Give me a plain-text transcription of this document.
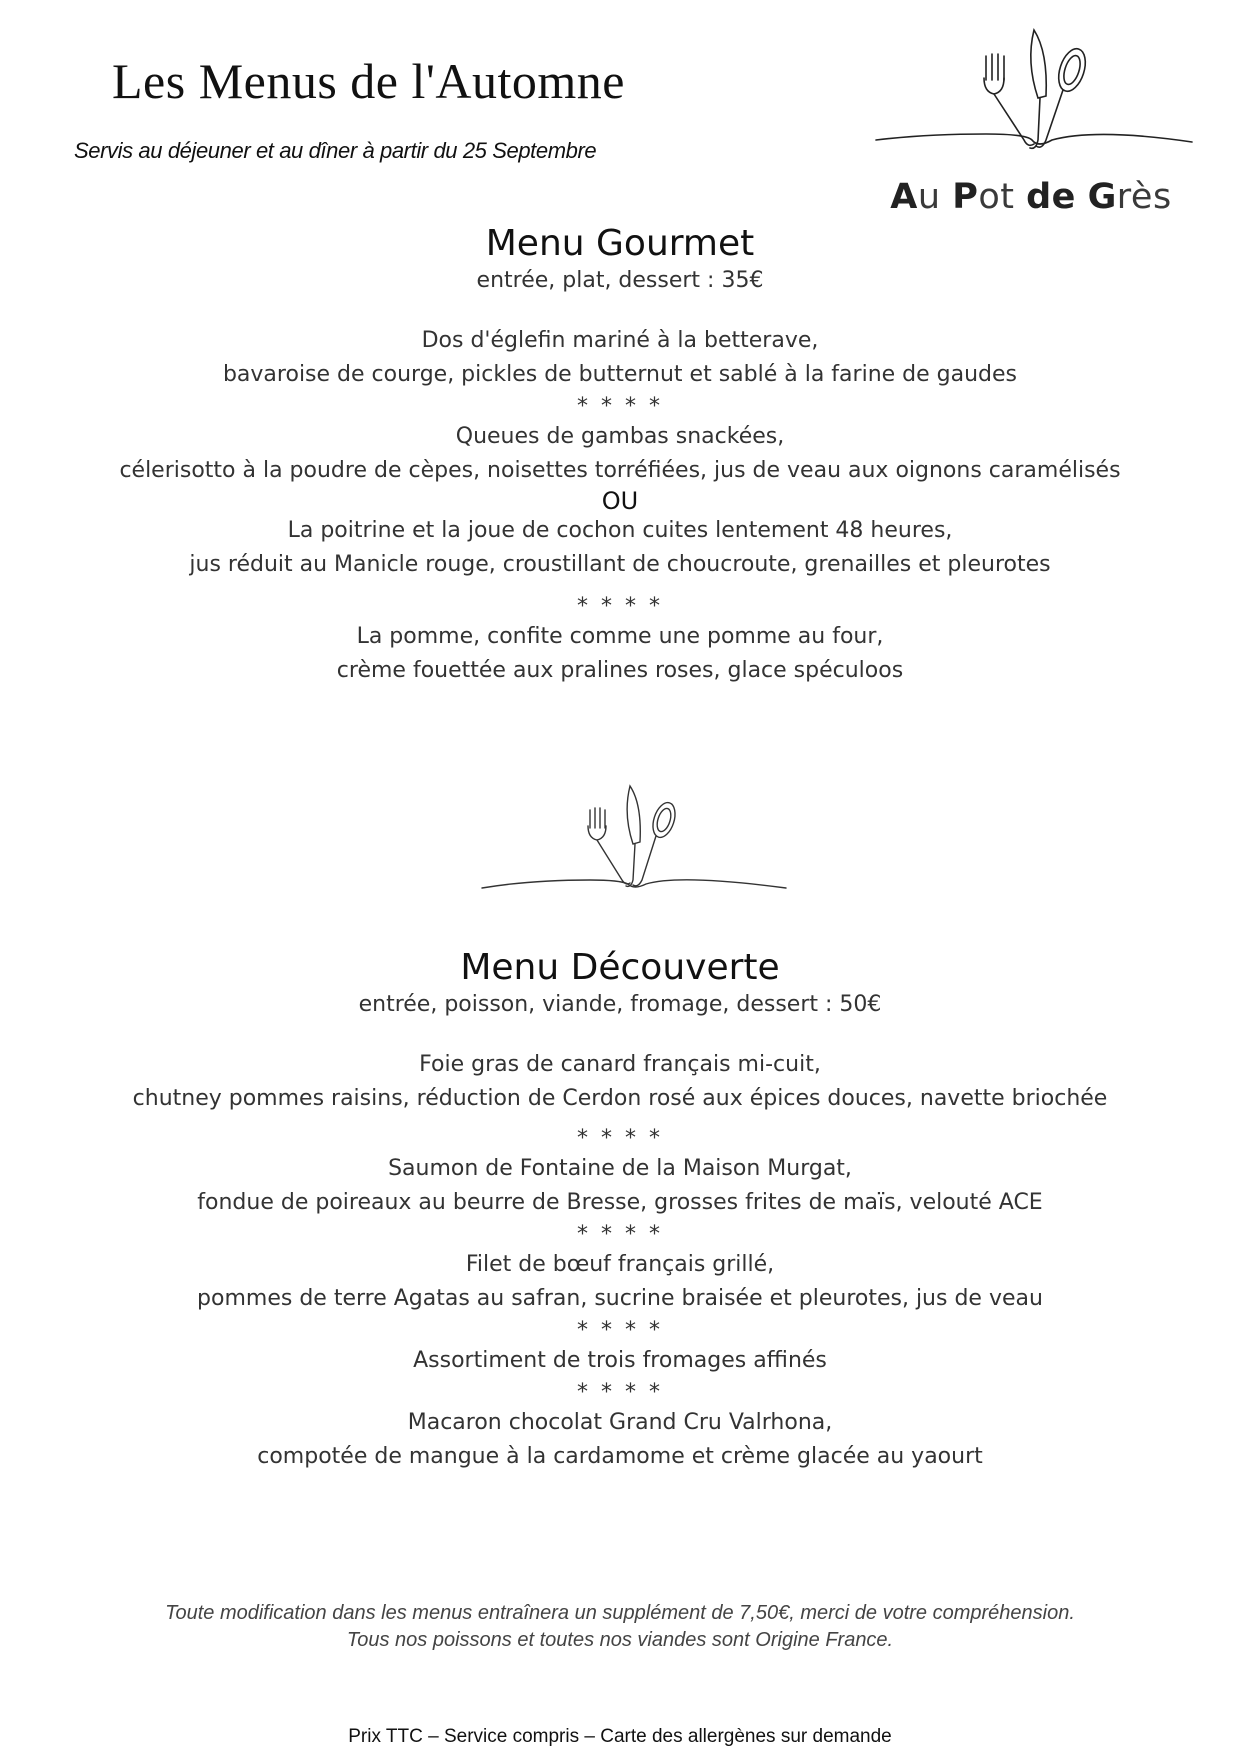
Les Menus de l'Automne
Servis au déjeuner et au dîner à partir du 25 Septembre
Au Pot de Grès
Menu Gourmet
entrée, plat, dessert : 35€
Dos d'églefin mariné à la betterave,
bavaroise de courge, pickles de butternut et sablé à la farine de gaudes
* * * *
Queues de gambas snackées,
célerisotto à la poudre de cèpes, noisettes torréfiées, jus de veau aux oignons caramélisés
OU
La poitrine et la joue de cochon cuites lentement 48 heures,
jus réduit au Manicle rouge, croustillant de choucroute, grenailles et pleurotes
* * * *
La pomme, confite comme une pomme au four,
crème fouettée aux pralines roses, glace spéculoos
Menu Découverte
entrée, poisson, viande, fromage, dessert : 50€
Foie gras de canard français mi-cuit,
chutney pommes raisins, réduction de Cerdon rosé aux épices douces, navette briochée
* * * *
Saumon de Fontaine de la Maison Murgat,
fondue de poireaux au beurre de Bresse, grosses frites de maïs, velouté ACE
* * * *
Filet de bœuf français grillé,
pommes de terre Agatas au safran, sucrine braisée et pleurotes, jus de veau
* * * *
Assortiment de trois fromages affinés
* * * *
Macaron chocolat Grand Cru Valrhona,
compotée de mangue à la cardamome et crème glacée au yaourt
Toute modification dans les menus entraînera un supplément de 7,50€, merci de votre compréhension.
Tous nos poissons et toutes nos viandes sont Origine France.
Prix TTC – Service compris – Carte des allergènes sur demande
